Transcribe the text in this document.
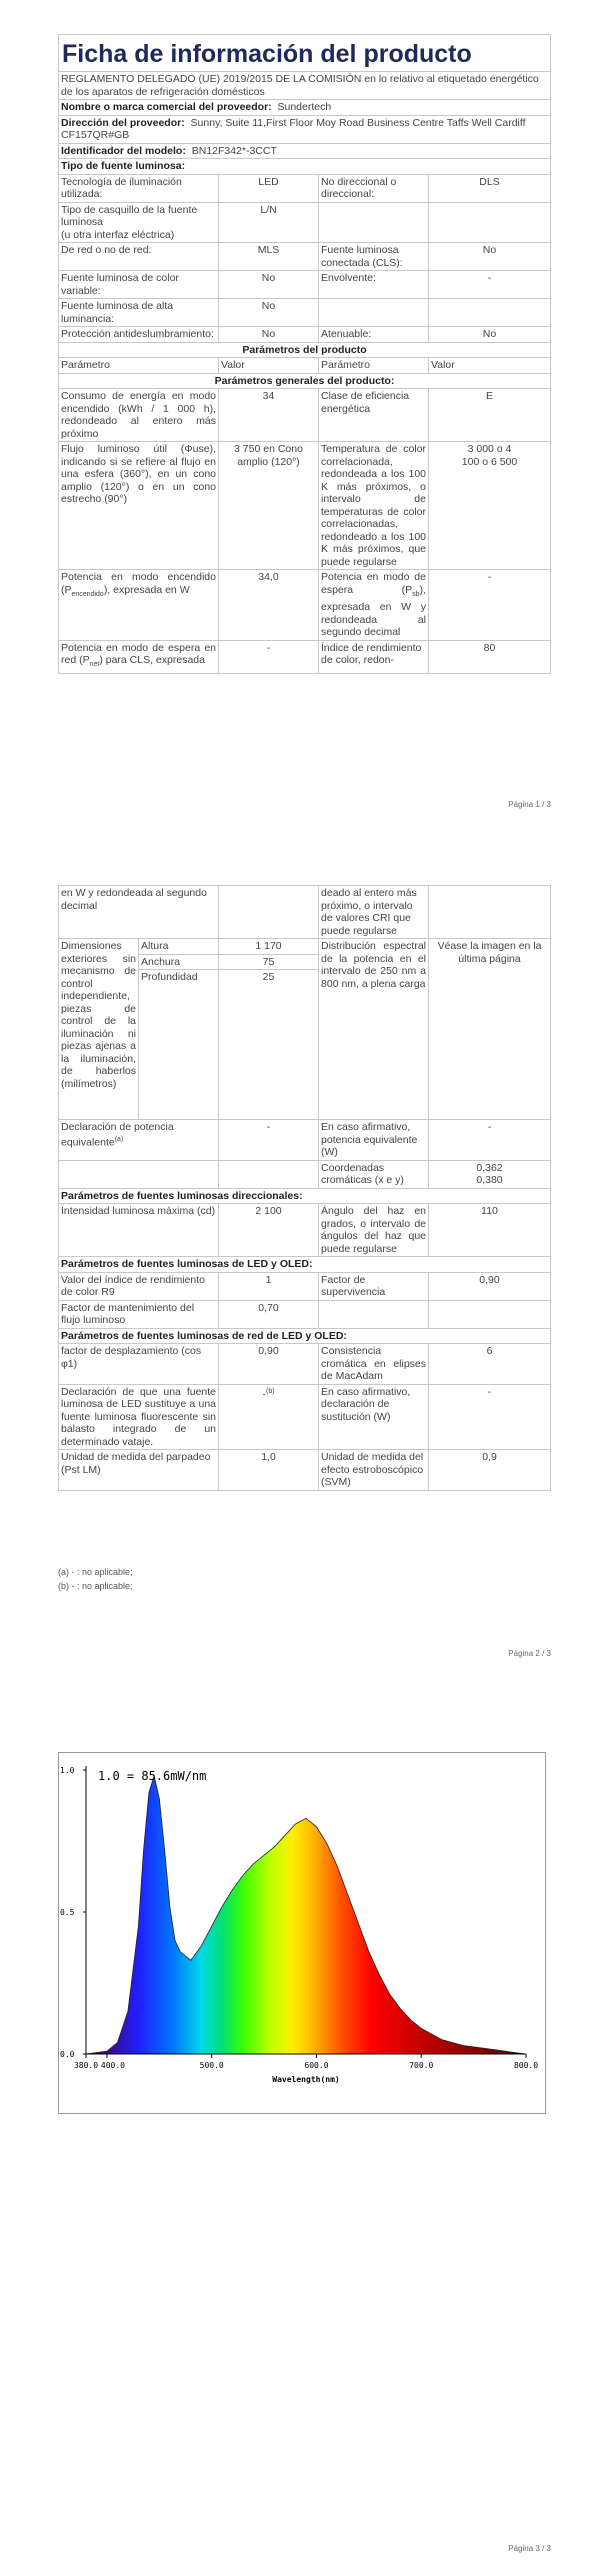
Ficha de información del producto			
REGLAMENTO DELEGADO (UE) 2019/2015 DE LA COMISIÓN en lo relativo al etiquetado energético de los aparatos de refrigeración domésticos			
Nombre o marca comercial del proveedor: Sundertech			
Dirección del proveedor: Sunny, Suite 11,First Floor Moy Road Business Centre Taffs Well Cardiff CF157QR#GB			
Identificador del modelo: BN12F342*-3CCT			
Tipo de fuente luminosa:			
Tecnología de iluminación utilizada:	LED	No direccional o direccional:	DLS

Tipo de casquillo de la fuente luminosa
(u otra interfaz eléctrica)	L/N		
De red o no de red:	MLS	Fuente luminosa conectada (CLS):	No
Fuente luminosa de color variable:	No	Envolvente:	-
Fuente luminosa de alta luminancia:	No		
Protección antideslumbramiento:	No	Atenuable:	No
Parámetros del producto			
Parámetro	Valor	Parámetro	Valor
Parámetros generales del producto:			
Consumo de energía en modo encendido (kWh / 1 000 h), redondeado al entero más próximo	34	Clase de eficiencia energética	E
Flujo luminoso útil (Φuse), indicando si se refiere al flujo en una esfera (360°), en un cono amplio (120°) o en un cono estrecho (90°)	3 750 en Cono amplio (120°)	Temperatura de color correlacionada, redondeada a los 100 K más próximos, o intervalo de temperaturas de color correlacionadas, redondeado a los 100 K más próximos, que puede regularse	3 000 o 4
100 o 6 500

Potencia en modo encendido $(P_{encendido})$, expresada en W	34,0	Potencia en modo de espera $(P_{sb})$, expresada en W y redondeada al segundo decimal	-
Potencia en modo de espera en red $(P_{net})$ para CLS, expresada	-	Índice de rendimiento de color, redon-	80
Página 1 / 3
en W y redondeada al segundo decimal			deado al entero más próximo, o intervalo de valores CRI que puede regularse	
Dimensiones exteriores sin mecanismo de control independiente, piezas de control de la iluminación ni piezas ajenas a la iluminación, de haberlos (milímetros)	Altura	1 170	Distribución espectral de la potencia en el intervalo de 250 nm a 800 nm, a plena carga	Véase la imagen en la última página
	Anchura	75		
	Profundidad	25		
Declaración de potencia equivalente$^{(a)}$		-	En caso afirmativo, potencia equivalente (W)	-
			Coordenadas cromáticas (x e y)	0,362
0,380

Parámetros de fuentes luminosas direccionales:				
Intensidad luminosa máxima (cd)		2 100	Ángulo del haz en grados, o intervalo de ángulos del haz que puede regularse	110
Parámetros de fuentes luminosas de LED y OLED:				
Valor del índice de rendimiento de color R9		1	Factor de supervivencia	0,90
Factor de mantenimiento del flujo luminoso		0,70		
Parámetros de fuentes luminosas de red de LED y OLED:				
factor de desplazamiento (cos φ1)		0,90	Consistencia cromática en elipses de MacAdam	6
Declaración de que una fuente luminosa de LED sustituye a una fuente luminosa fluorescente sin balasto integrado de un determinado vataje.		-$^{(b)}$	En caso afirmativo, declaración de sustitución (W)	-
Unidad de medida del parpadeo (Pst LM)		1,0	Unidad de medida del efecto estroboscópico (SVM)	0,9
(a) - : no aplicable;
(b) - : no aplicable;
Página 2 / 3
0.0
0.5
1.0
380.0 400.0	500.0	600.0	700.0	800.0
1.0 = 85.6mW/nm
Wavelength(nm)
Página 3 / 3
